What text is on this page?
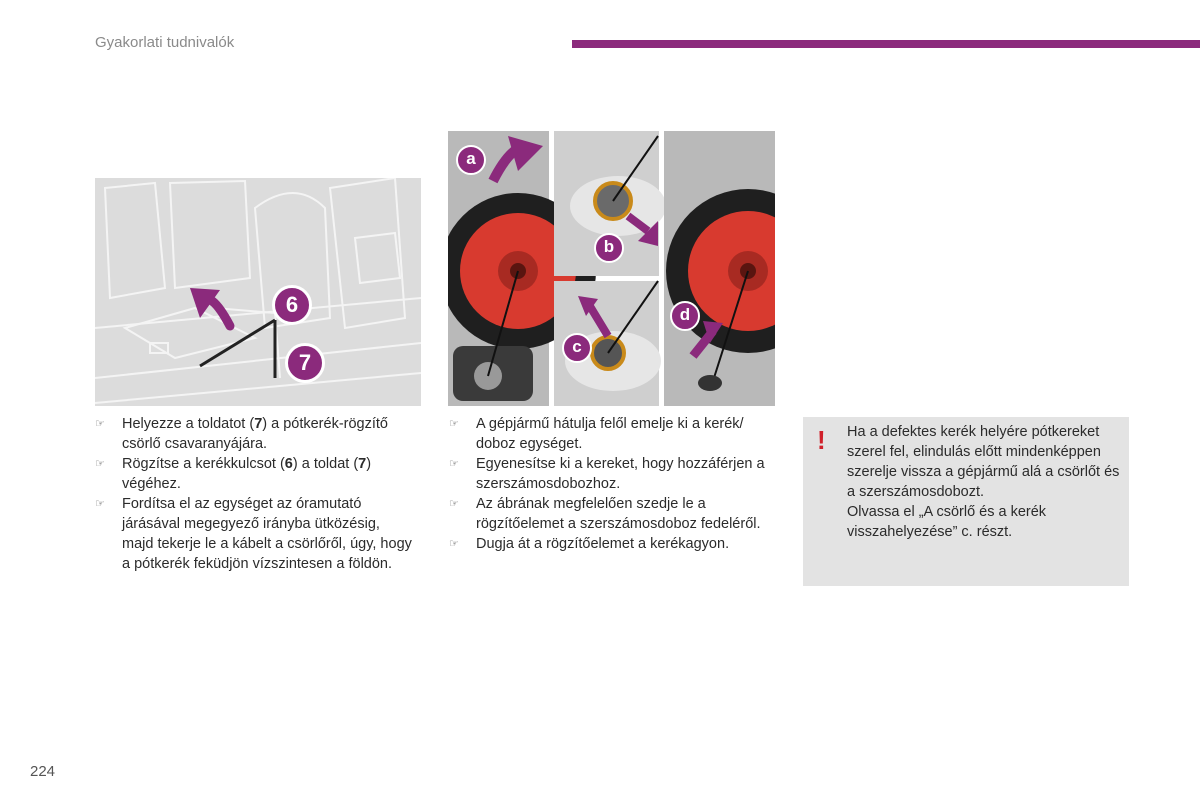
Gyakorlati tudnivalók
6
7
a
b
c
d
☞ Helyezze a toldatot (7) a pótkerék-rögzítő csörlő csavaranyájára.
☞ Rögzítse a kerékkulcsot (6) a toldat (7) végéhez.
☞ Fordítsa el az egységet az óramutató járásával megegyező irányba ütközésig, majd tekerje le a kábelt a csörlőről, úgy, hogy a pótkerék feküdjön vízszintesen a földön.
☞ A gépjármű hátulja felől emelje ki a kerék/ doboz egységet.
☞ Egyenesítse ki a kereket, hogy hozzáférjen a szerszámosdobozhoz.
☞ Az ábrának megfelelően szedje le a rögzítőelemet a szerszámosdoboz fedeléről.
☞ Dugja át a rögzítőelemet a kerékagyon.
! Ha a defektes kerék helyére pótkereket szerel fel, elindulás előtt mindenképpen szerelje vissza a gépjármű alá a csörlőt és a szerszámosdobozt.
Olvassa el „A csörlő és a kerék visszahelyezése” c. részt.
224
